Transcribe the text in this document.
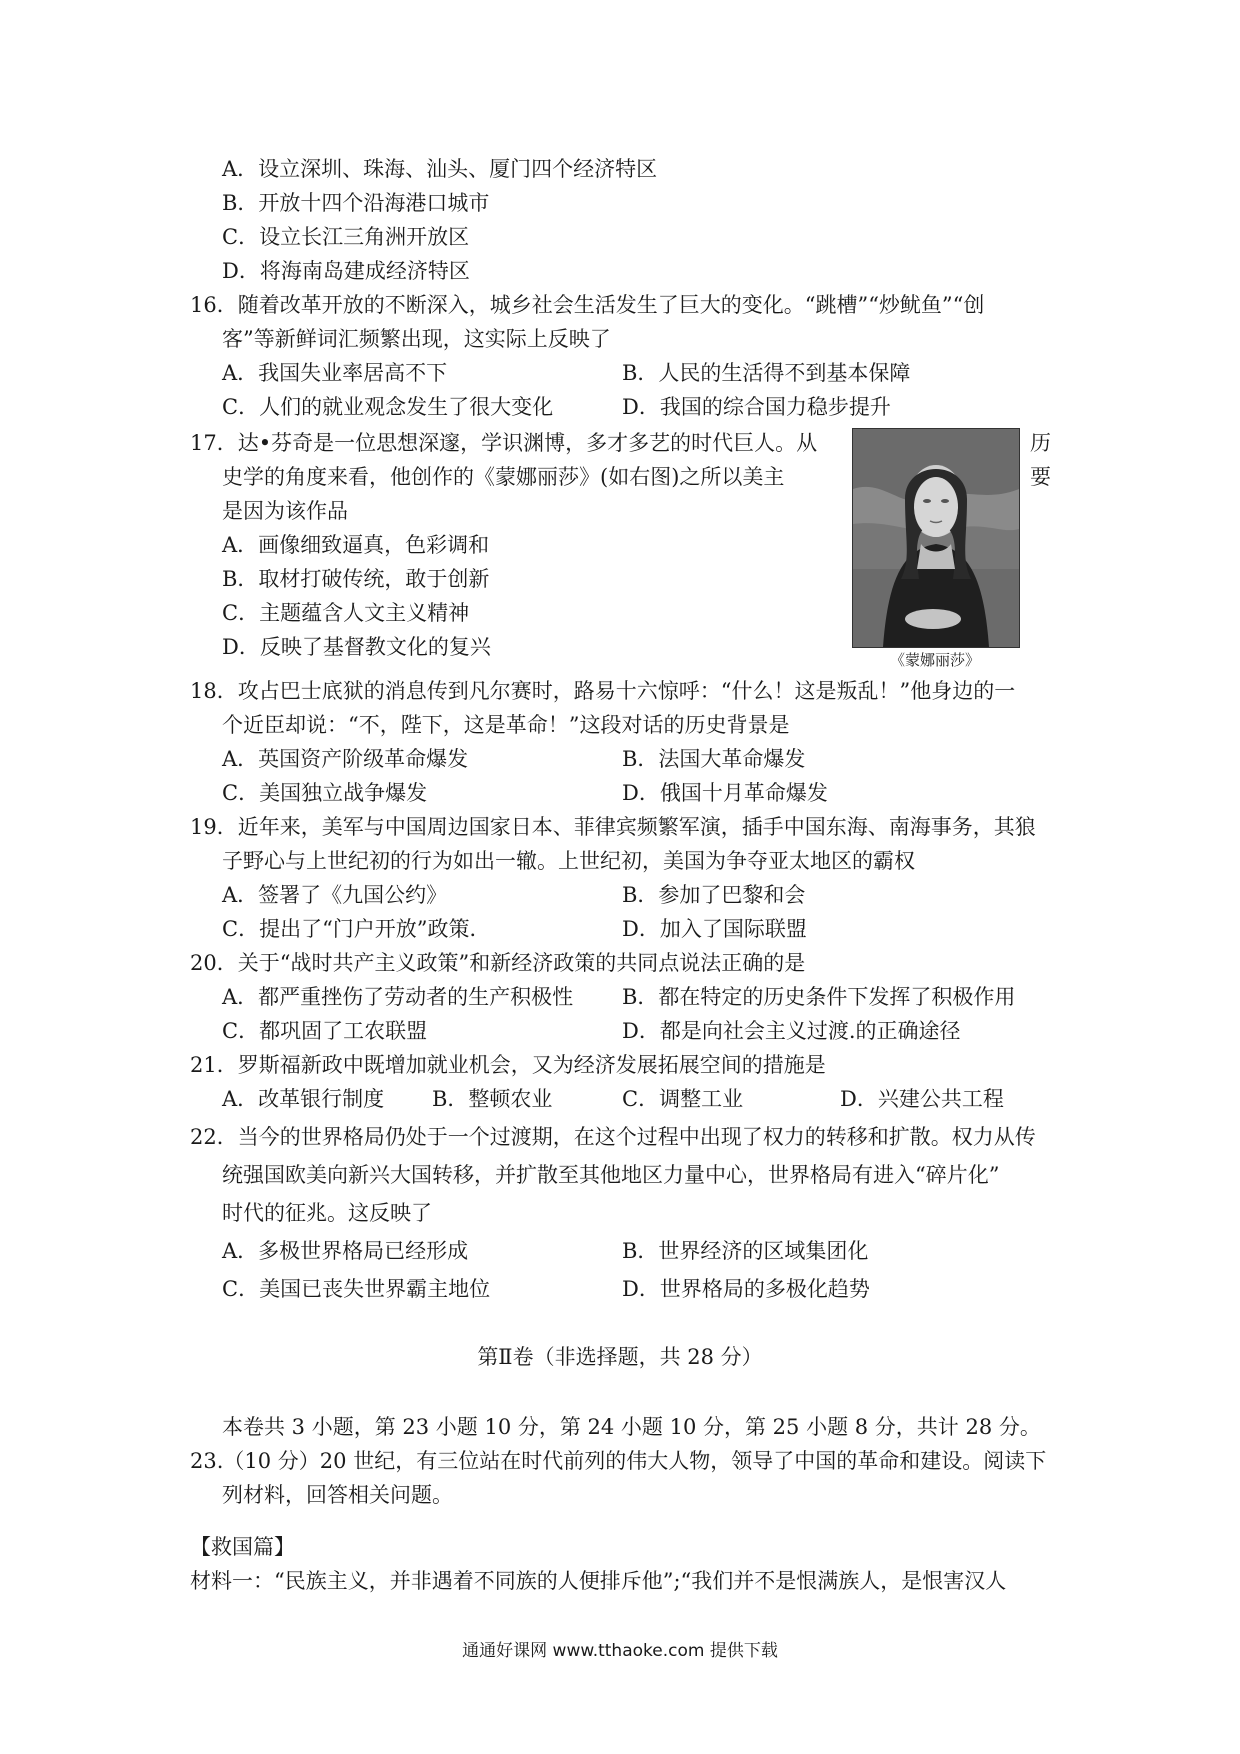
A．设立深圳、珠海、汕头、厦门四个经济特区
B．开放十四个沿海港口城市
C．设立长江三角洲开放区
D．将海南岛建成经济特区
16．随着改革开放的不断深入，城乡社会生活发生了巨大的变化。“跳槽”“炒鱿鱼”“创
客”等新鲜词汇频繁出现，这实际上反映了
A．我国失业率居高不下	B．人民的生活得不到基本保障
C．人们的就业观念发生了很大变化	D．我国的综合国力稳步提升
17．达•芬奇是一位思想深邃，学识渊博，多才多艺的时代巨人。从	历
史学的角度来看，他创作的《蒙娜丽莎》(如右图)之所以美主	要
是因为该作品
A．画像细致逼真，色彩调和
B．取材打破传统，敢于创新
C．主题蕴含人文主义精神
D．反映了基督教文化的复兴
《蒙娜丽莎》
18．攻占巴士底狱的消息传到凡尔赛时，路易十六惊呼：“什么！这是叛乱！”他身边的一
个近臣却说：“不，陛下，这是革命！”这段对话的历史背景是
A．英国资产阶级革命爆发	B．法国大革命爆发
C．美国独立战争爆发	D．俄国十月革命爆发
19．近年来，美军与中国周边国家日本、菲律宾频繁军演，插手中国东海、南海事务，其狼
子野心与上世纪初的行为如出一辙。上世纪初，美国为争夺亚太地区的霸权
A．签署了《九国公约》	B．参加了巴黎和会
C．提出了“门户开放”政策．	D．加入了国际联盟
20．关于“战时共产主义政策”和新经济政策的共同点说法正确的是
A．都严重挫伤了劳动者的生产积极性 B．都在特定的历史条件下发挥了积极作用
C．都巩固了工农联盟	D．都是向社会主义过渡.的正确途径
21．罗斯福新政中既增加就业机会，又为经济发展拓展空间的措施是
A．改革银行制度 B．整顿农业	C．调整工业	D．兴建公共工程
22．当今的世界格局仍处于一个过渡期，在这个过程中出现了权力的转移和扩散。权力从传
统强国欧美向新兴大国转移，并扩散至其他地区力量中心，世界格局有进入“碎片化”
时代的征兆。这反映了
A．多极世界格局已经形成	B．世界经济的区域集团化
C．美国已丧失世界霸主地位	D．世界格局的多极化趋势
第Ⅱ卷（非选择题，共 28 分）
本卷共 3 小题，第 23 小题 10 分，第 24 小题 10 分，第 25 小题 8 分，共计 28 分。
23.（10 分）20 世纪，有三位站在时代前列的伟大人物，领导了中国的革命和建设。阅读下
列材料，回答相关问题。
【救国篇】
材料一：“民族主义，并非遇着不同族的人便排斥他”;“我们并不是恨满族人，是恨害汉人
通通好课网 www.tthaoke.com 提供下载
